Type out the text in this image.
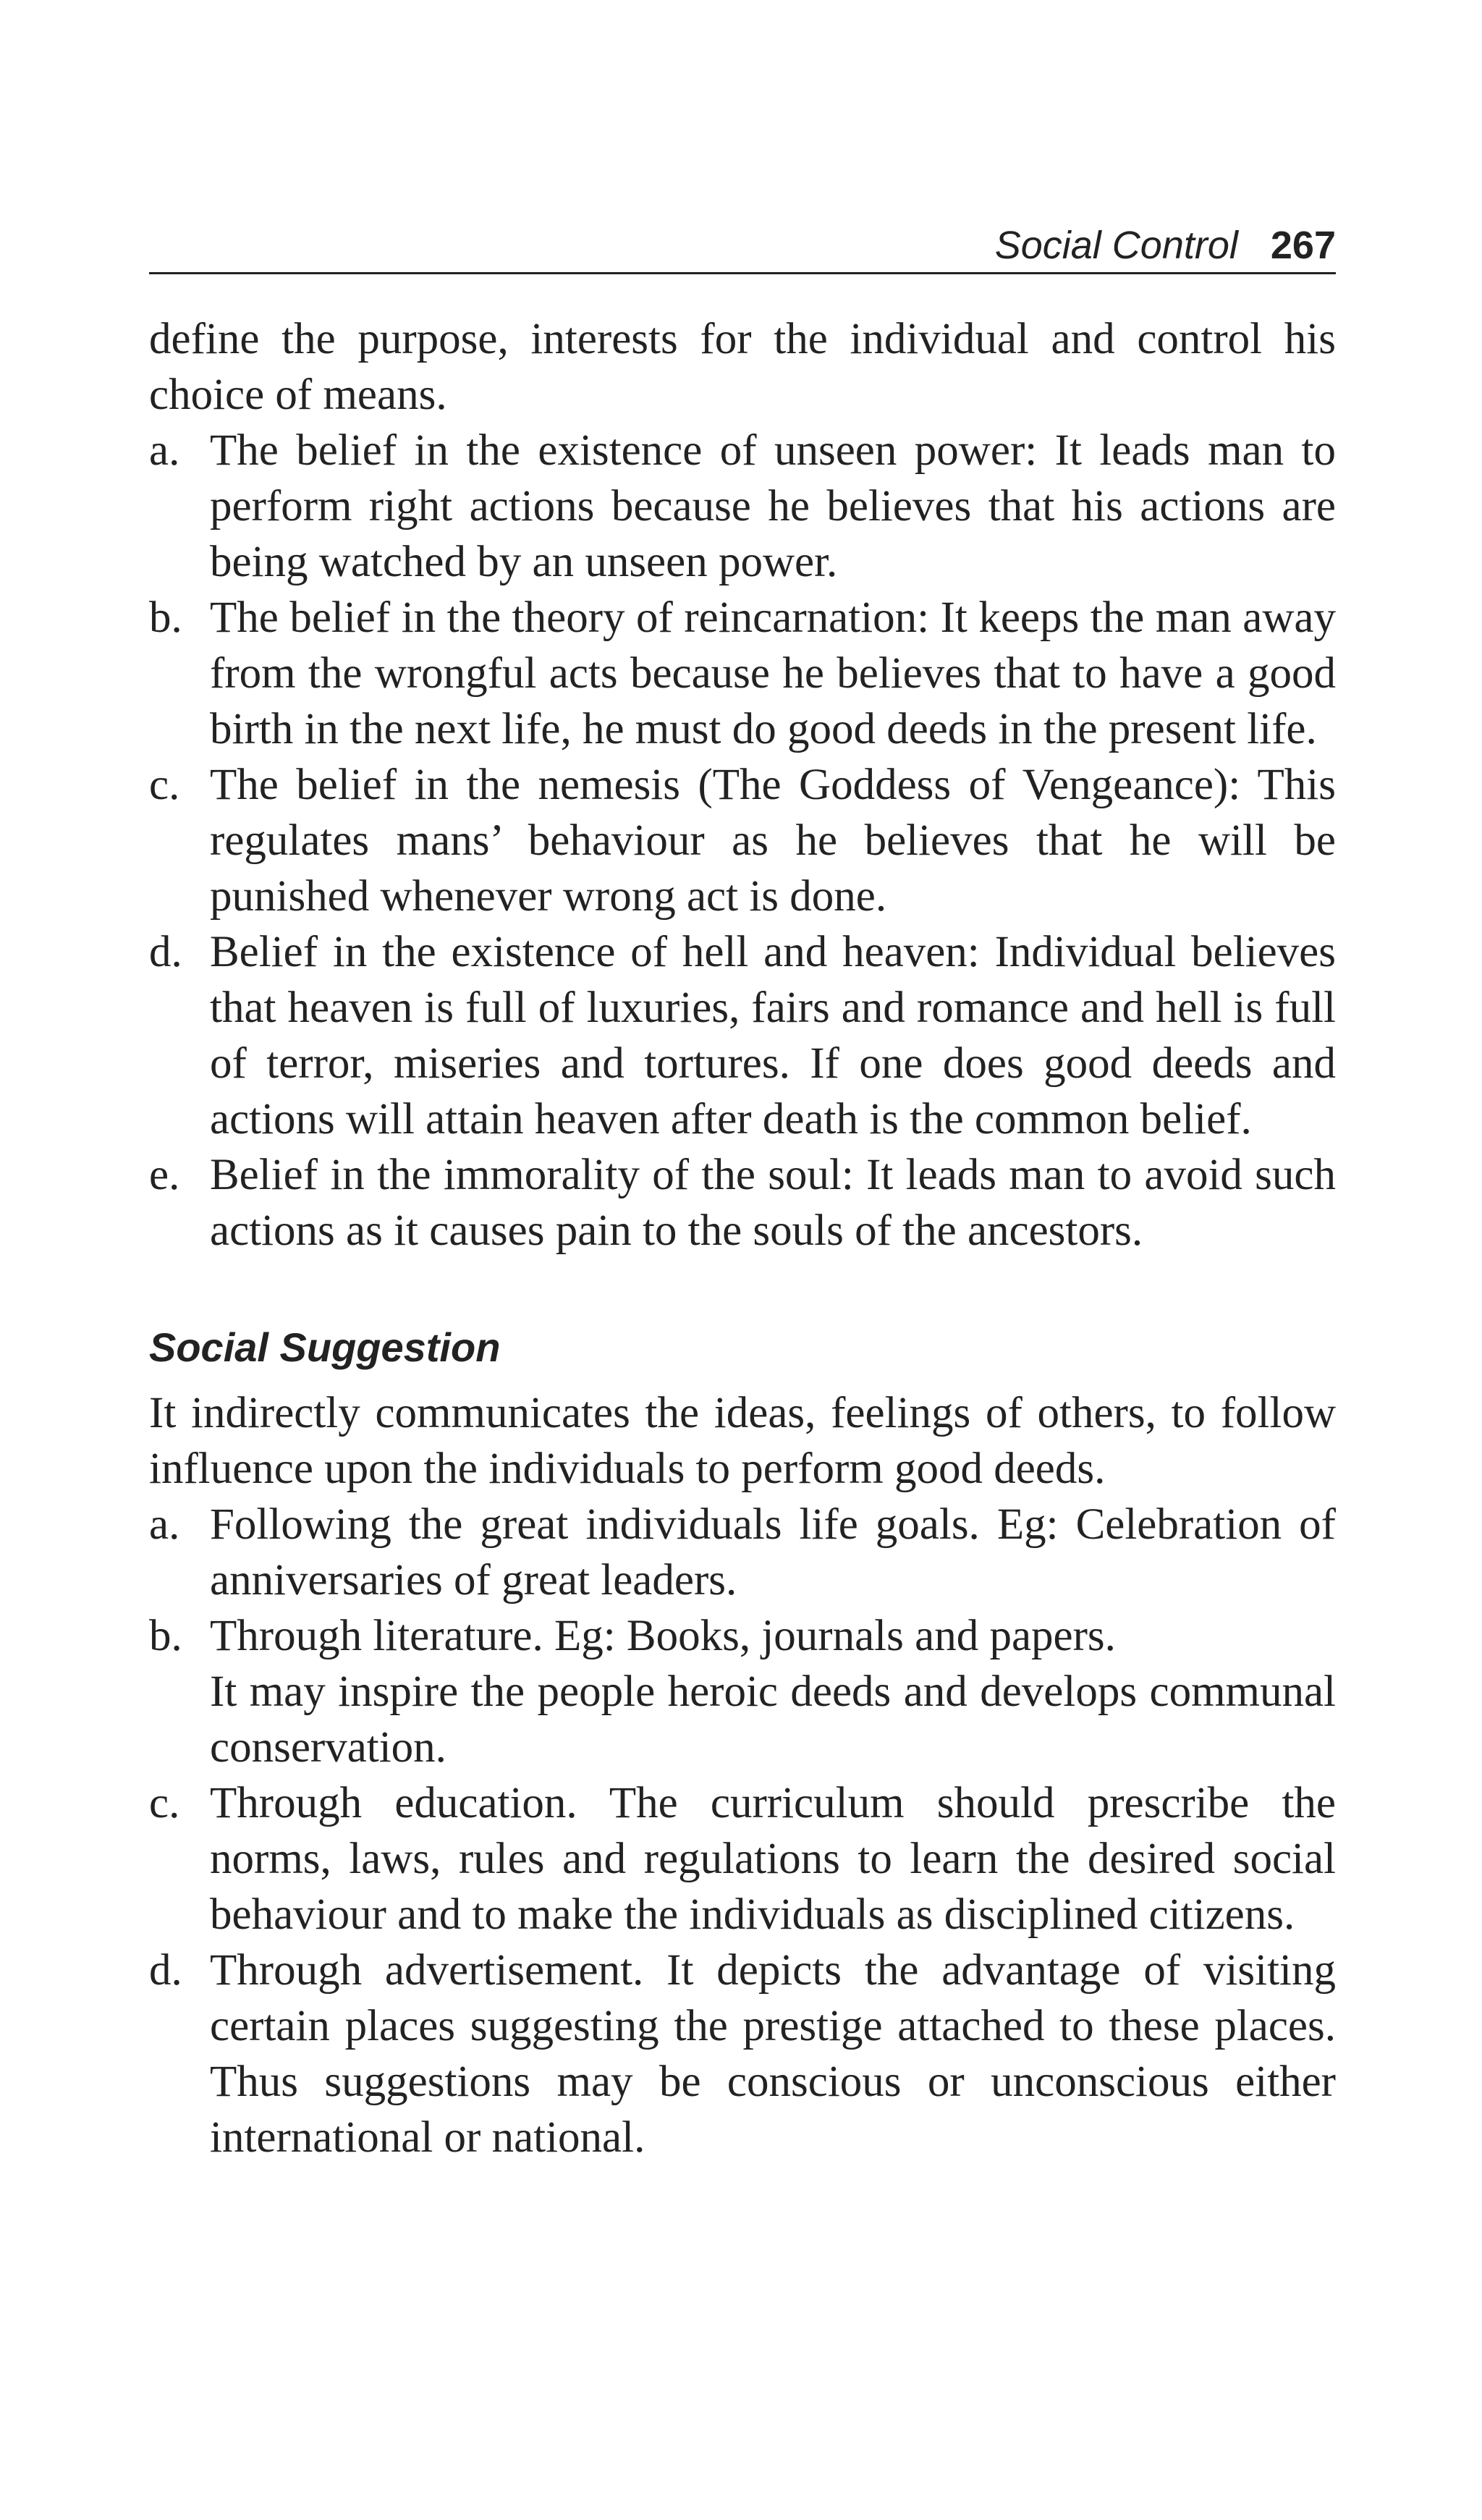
Social Control 267

define the purpose, interests for the individual and control his choice of means.

a. The belief in the existence of unseen power: It leads man to perform right actions because he believes that his actions are being watched by an unseen power.
b. The belief in the theory of reincarnation: It keeps the man away from the wrongful acts because he believes that to have a good birth in the next life, he must do good deeds in the present life.
c. The belief in the nemesis (The Goddess of Vengeance): This regulates mans’ behaviour as he believes that he will be punished whenever wrong act is done.
d. Belief in the existence of hell and heaven: Individual believes that heaven is full of luxuries, fairs and romance and hell is full of terror, miseries and tortures. If one does good deeds and actions will attain heaven after death is the common belief.
e. Belief in the immorality of the soul: It leads man to avoid such actions as it causes pain to the souls of the ancestors.
Social Suggestion

It indirectly communicates the ideas, feelings of others, to follow influence upon the individuals to perform good deeds.

a. Following the great individuals life goals. Eg: Celebration of anniversaries of great leaders.
b. Through literature. Eg: Books, journals and papers.
It may inspire the people heroic deeds and develops communal conservation.
c. Through education. The curriculum should prescribe the norms, laws, rules and regulations to learn the desired social behaviour and to make the individuals as disciplined citizens.
d. Through advertisement. It depicts the advantage of visiting certain places suggesting the prestige attached to these places. Thus suggestions may be conscious or unconscious either international or national.
